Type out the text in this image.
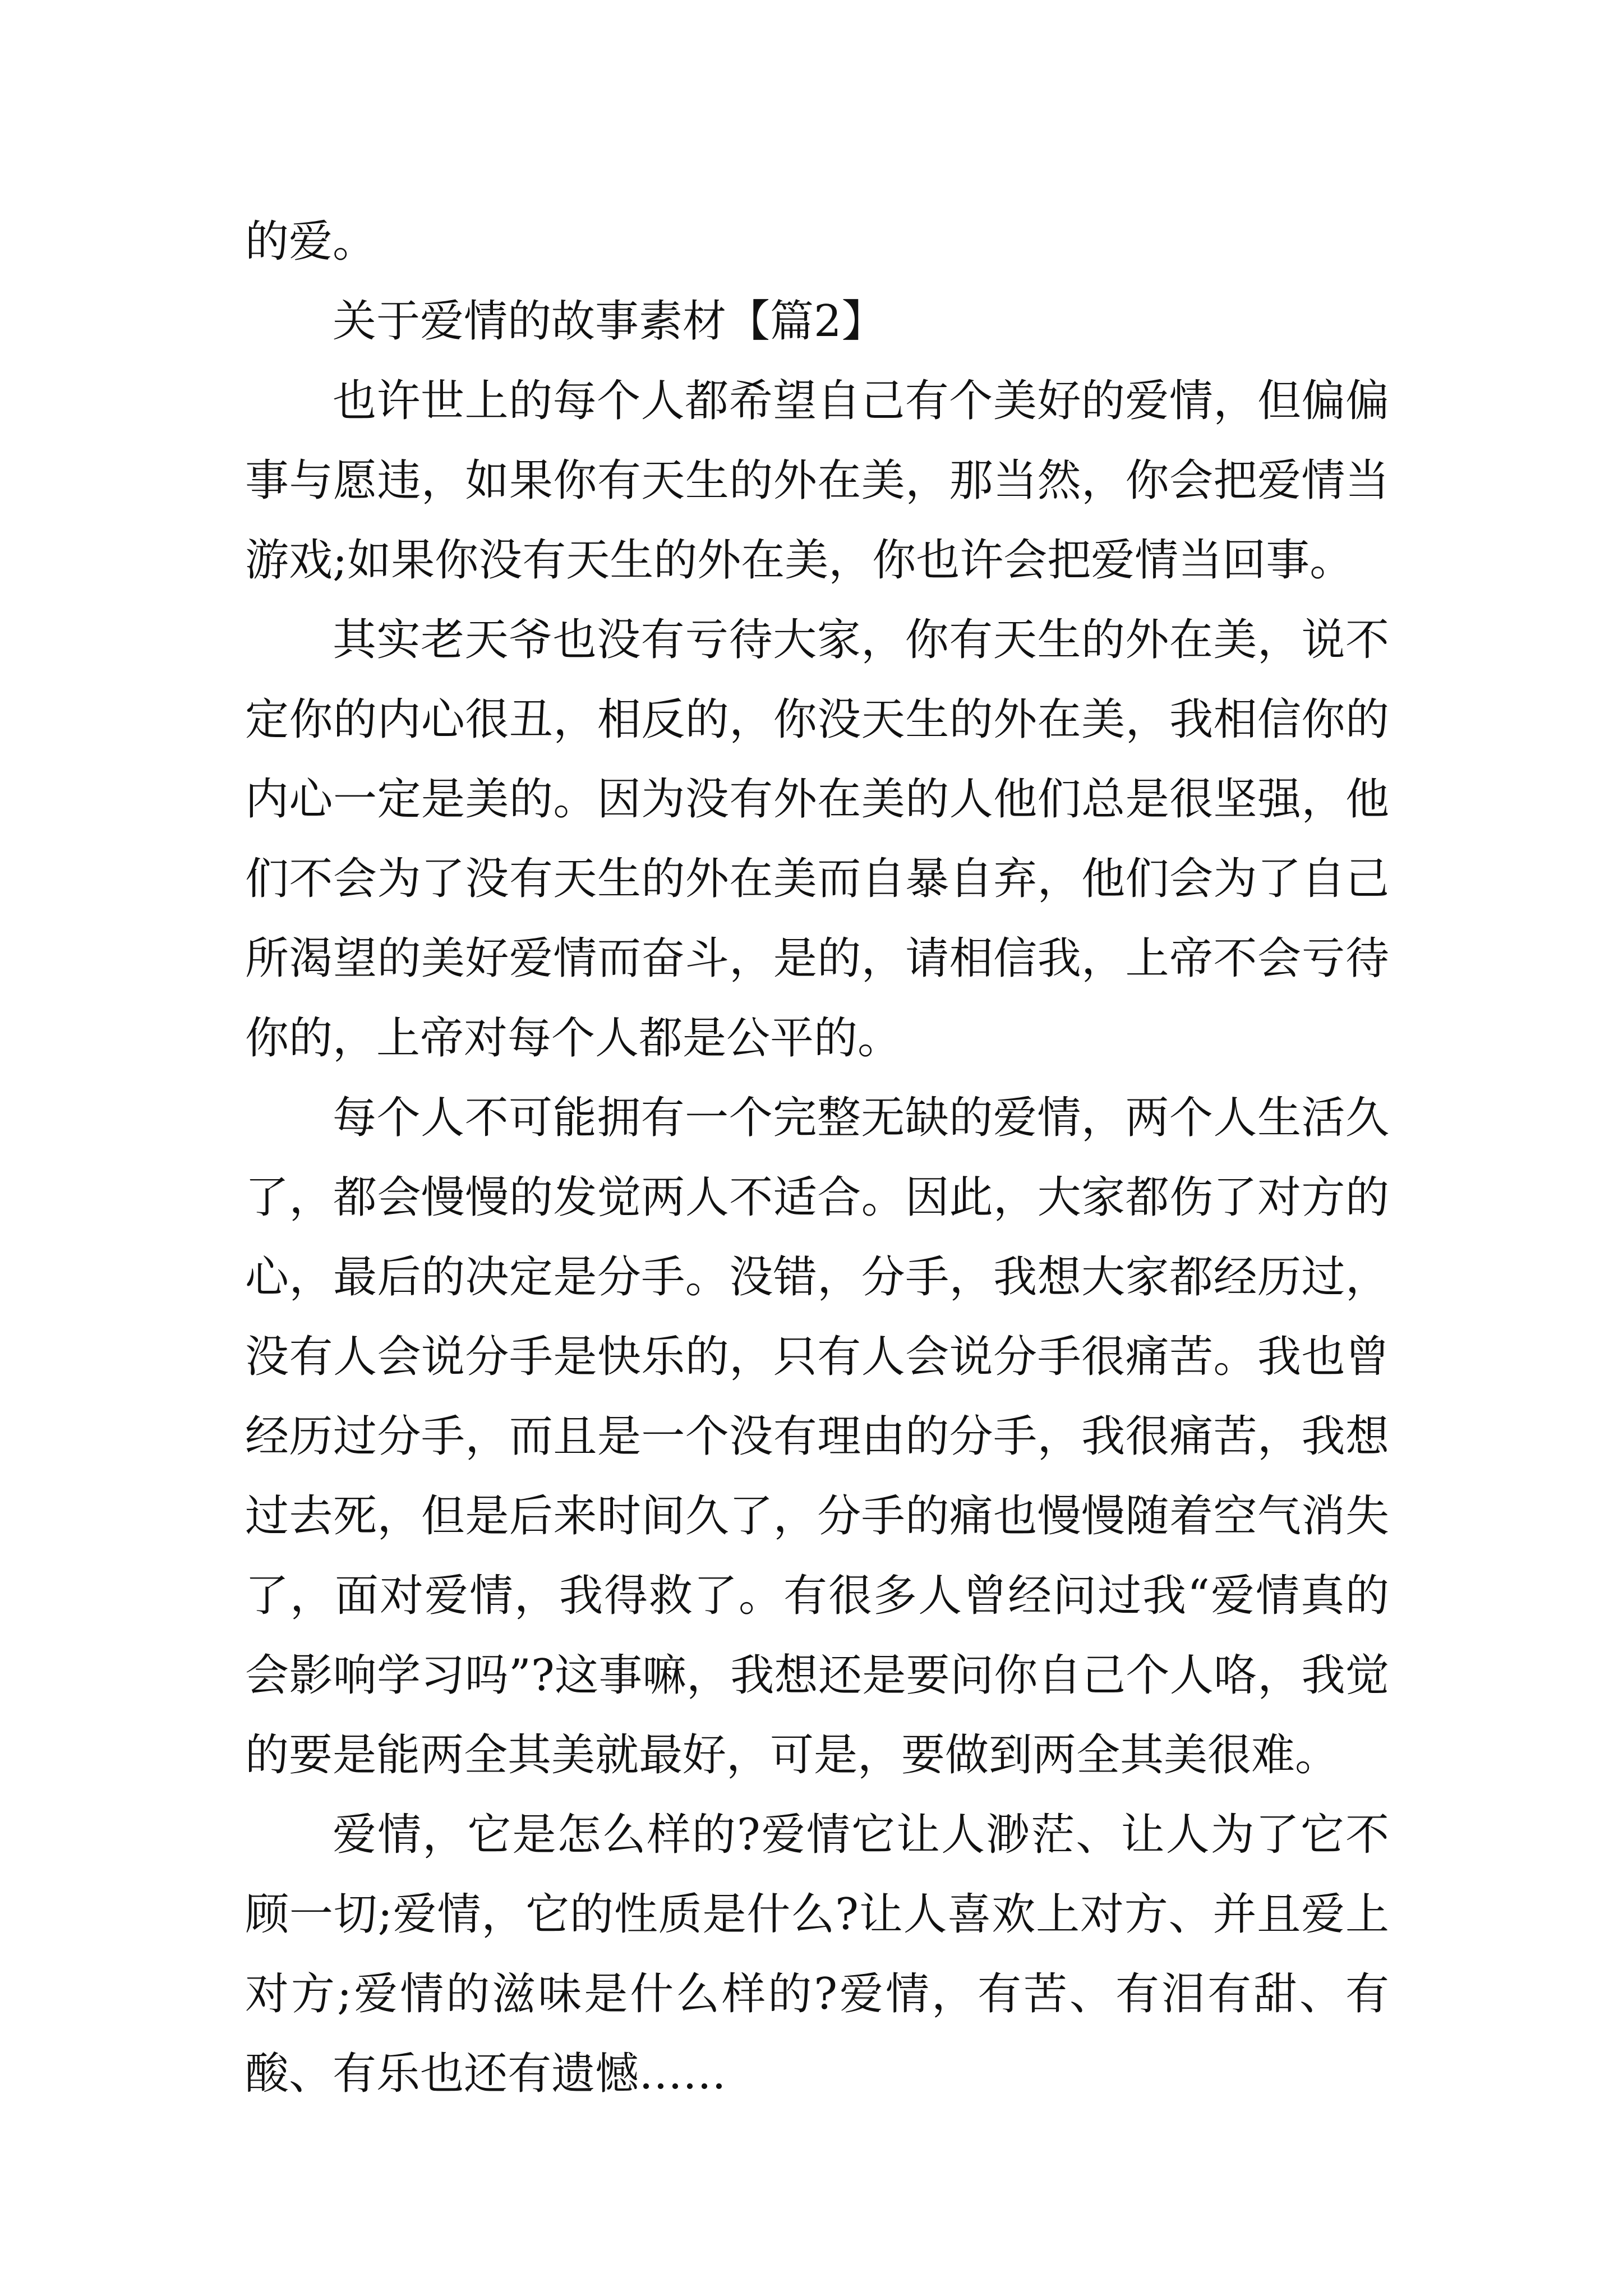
的爱。

关于爱情的故事素材【篇2】

也许世上的每个人都希望自己有个美好的爱情，但偏偏事与愿违，如果你有天生的外在美，那当然，你会把爱情当游戏;如果你没有天生的外在美，你也许会把爱情当回事。

其实老天爷也没有亏待大家，你有天生的外在美，说不定你的内心很丑，相反的，你没天生的外在美，我相信你的内心一定是美的。因为没有外在美的人他们总是很坚强，他们不会为了没有天生的外在美而自暴自弃，他们会为了自己所渴望的美好爱情而奋斗，是的，请相信我，上帝不会亏待你的，上帝对每个人都是公平的。

每个人不可能拥有一个完整无缺的爱情，两个人生活久了，都会慢慢的发觉两人不适合。因此，大家都伤了对方的心，最后的决定是分手。没错，分手，我想大家都经历过，没有人会说分手是快乐的，只有人会说分手很痛苦。我也曾经历过分手，而且是一个没有理由的分手，我很痛苦，我想过去死，但是后来时间久了，分手的痛也慢慢随着空气消失了，面对爱情，我得救了。有很多人曾经问过我“爱情真的会影响学习吗”?这事嘛，我想还是要问你自己个人咯，我觉的要是能两全其美就最好，可是，要做到两全其美很难。

爱情，它是怎么样的?爱情它让人渺茫、让人为了它不顾一切;爱情，它的性质是什么?让人喜欢上对方、并且爱上对方;爱情的滋味是什么样的?爱情，有苦、有泪有甜、有酸、有乐也还有遗憾……
